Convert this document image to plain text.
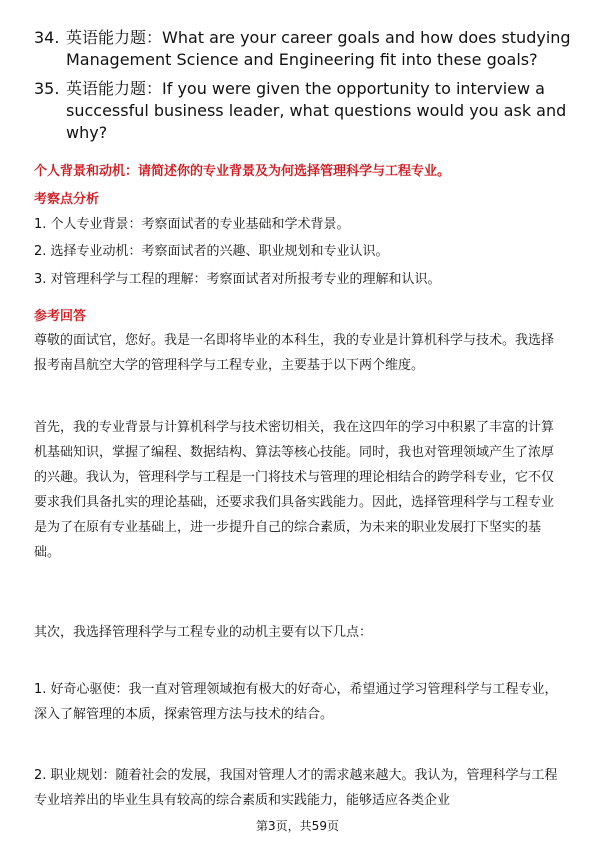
34. 英语能力题：What are your career goals and how does studying Management Science and Engineering fit into these goals?
35. 英语能力题：If you were given the opportunity to interview a successful business leader, what questions would you ask and why?
个人背景和动机：请简述你的专业背景及为何选择管理科学与工程专业。
考察点分析
1. 个人专业背景：考察面试者的专业基础和学术背景。
2. 选择专业动机：考察面试者的兴趣、职业规划和专业认识。
3. 对管理科学与工程的理解：考察面试者对所报考专业的理解和认识。
参考回答
尊敬的面试官，您好。我是一名即将毕业的本科生，我的专业是计算机科学与技术。我选择报考南昌航空大学的管理科学与工程专业，主要基于以下两个维度。
首先，我的专业背景与计算机科学与技术密切相关，我在这四年的学习中积累了丰富的计算机基础知识，掌握了编程、数据结构、算法等核心技能。同时，我也对管理领域产生了浓厚的兴趣。我认为，管理科学与工程是一门将技术与管理的理论相结合的跨学科专业，它不仅要求我们具备扎实的理论基础，还要求我们具备实践能力。因此，选择管理科学与工程专业是为了在原有专业基础上，进一步提升自己的综合素质，为未来的职业发展打下坚实的基础。
其次，我选择管理科学与工程专业的动机主要有以下几点：
1. 好奇心驱使：我一直对管理领域抱有极大的好奇心，希望通过学习管理科学与工程专业，深入了解管理的本质，探索管理方法与技术的结合。
2. 职业规划：随着社会的发展，我国对管理人才的需求越来越大。我认为，管理科学与工程专业培养出的毕业生具有较高的综合素质和实践能力，能够适应各类企业
第3页，共59页
